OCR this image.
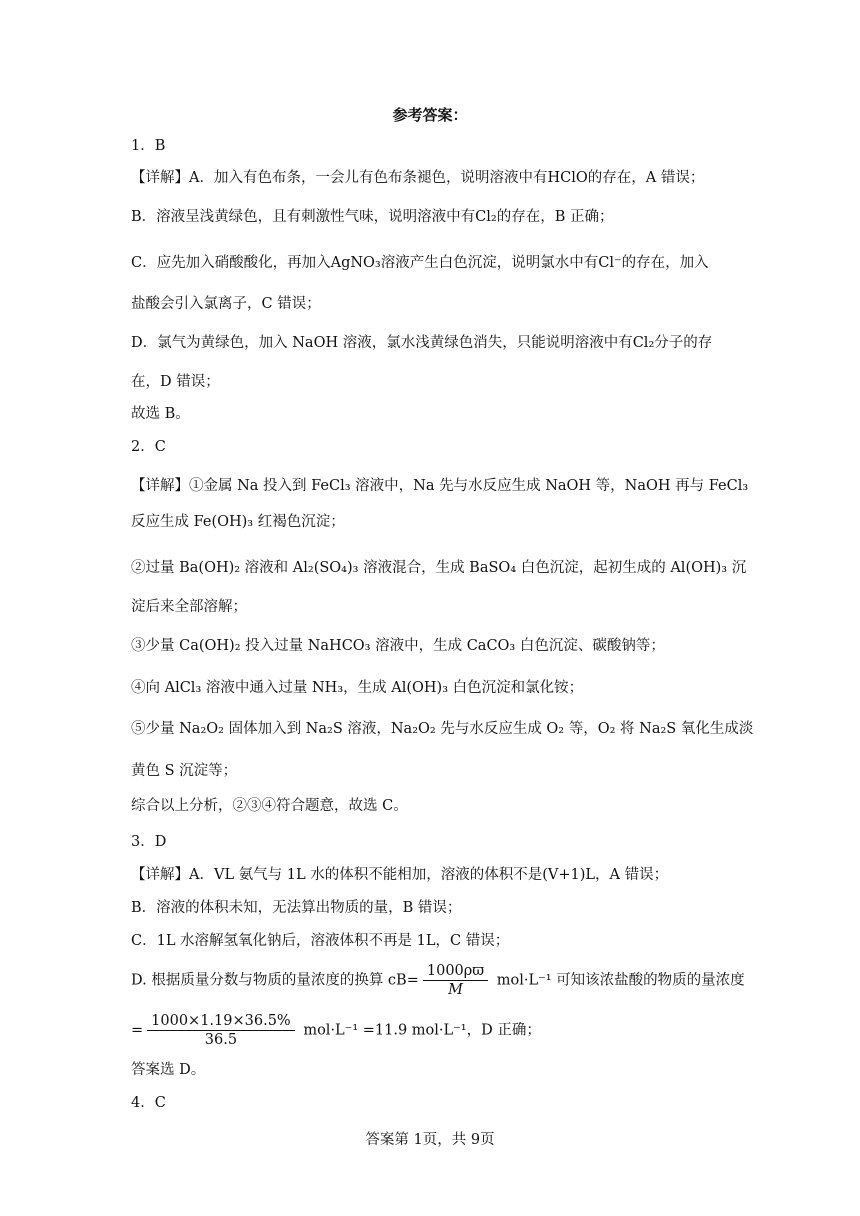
参考答案：
1．B
【详解】A．加入有色布条，一会儿有色布条褪色，说明溶液中有HClO的存在，A 错误；
B．溶液呈浅黄绿色，且有刺激性气味，说明溶液中有Cl₂的存在，B 正确；
C．应先加入硝酸酸化，再加入AgNO₃溶液产生白色沉淀，说明氯水中有Cl⁻的存在，加入
盐酸会引入氯离子，C 错误；
D．氯气为黄绿色，加入 NaOH 溶液，氯水浅黄绿色消失，只能说明溶液中有Cl₂分子的存
在，D 错误；
故选 B。
2．C
【详解】①金属 Na 投入到 FeCl₃ 溶液中，Na 先与水反应生成 NaOH 等，NaOH 再与 FeCl₃
反应生成 Fe(OH)₃ 红褐色沉淀；
②过量 Ba(OH)₂ 溶液和 Al₂(SO₄)₃ 溶液混合，生成 BaSO₄ 白色沉淀，起初生成的 Al(OH)₃ 沉
淀后来全部溶解；
③少量 Ca(OH)₂ 投入过量 NaHCO₃ 溶液中，生成 CaCO₃ 白色沉淀、碳酸钠等；
④向 AlCl₃ 溶液中通入过量 NH₃，生成 Al(OH)₃ 白色沉淀和氯化铵；
⑤少量 Na₂O₂ 固体加入到 Na₂S 溶液，Na₂O₂ 先与水反应生成 O₂ 等，O₂ 将 Na₂S 氧化生成淡
黄色 S 沉淀等；
综合以上分析，②③④符合题意，故选 C。
3．D
【详解】A．VL 氨气与 1L 水的体积不能相加，溶液的体积不是(V+1)L，A 错误；
B．溶液的体积未知，无法算出物质的量，B 错误；
C．1L 水溶解氢氧化钠后，溶液体积不再是 1L，C 错误；
D. 根据质量分数与物质的量浓度的换算 $cB= \frac{1000\rho ϖ}{M} mol\cdot L^{-1}$ 可知该浓盐酸的物质的量浓度
= $\frac{1000\times 1.19\times 36.5\%}{36.5} mol\cdot L^{-1} =11.9$ mol·L⁻¹，D 正确；
答案选 D。
4．C
答案第 1页，共 9页
